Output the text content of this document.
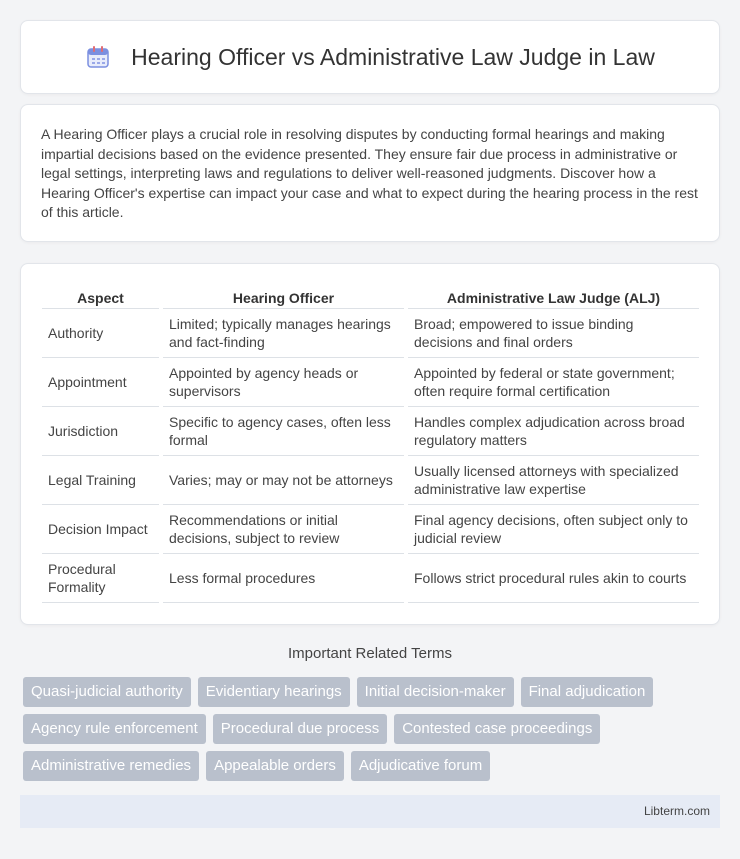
Hearing Officer vs Administrative Law Judge in Law

A Hearing Officer plays a crucial role in resolving disputes by conducting formal hearings and making impartial decisions based on the evidence presented. They ensure fair due process in administrative or legal settings, interpreting laws and regulations to deliver well-reasoned judgments. Discover how a Hearing Officer's expertise can impact your case and what to expect during the hearing process in the rest of this article.

Aspect	Hearing Officer	Administrative Law Judge (ALJ)
Authority	Limited; typically manages hearings and fact-finding	Broad; empowered to issue binding decisions and final orders
Appointment	Appointed by agency heads or supervisors	Appointed by federal or state government; often require formal certification
Jurisdiction	Specific to agency cases, often less formal	Handles complex adjudication across broad regulatory matters
Legal Training	Varies; may or may not be attorneys	Usually licensed attorneys with specialized administrative law expertise
Decision Impact	Recommendations or initial decisions, subject to review	Final agency decisions, often subject only to judicial review
Procedural Formality	Less formal procedures	Follows strict procedural rules akin to courts
Important Related Terms
Quasi-judicial authority	Evidentiary hearings	Initial decision-maker	Final adjudication
Agency rule enforcement	Procedural due process	Contested case proceedings
Administrative remedies	Appealable orders	Adjudicative forum
Libterm.com
